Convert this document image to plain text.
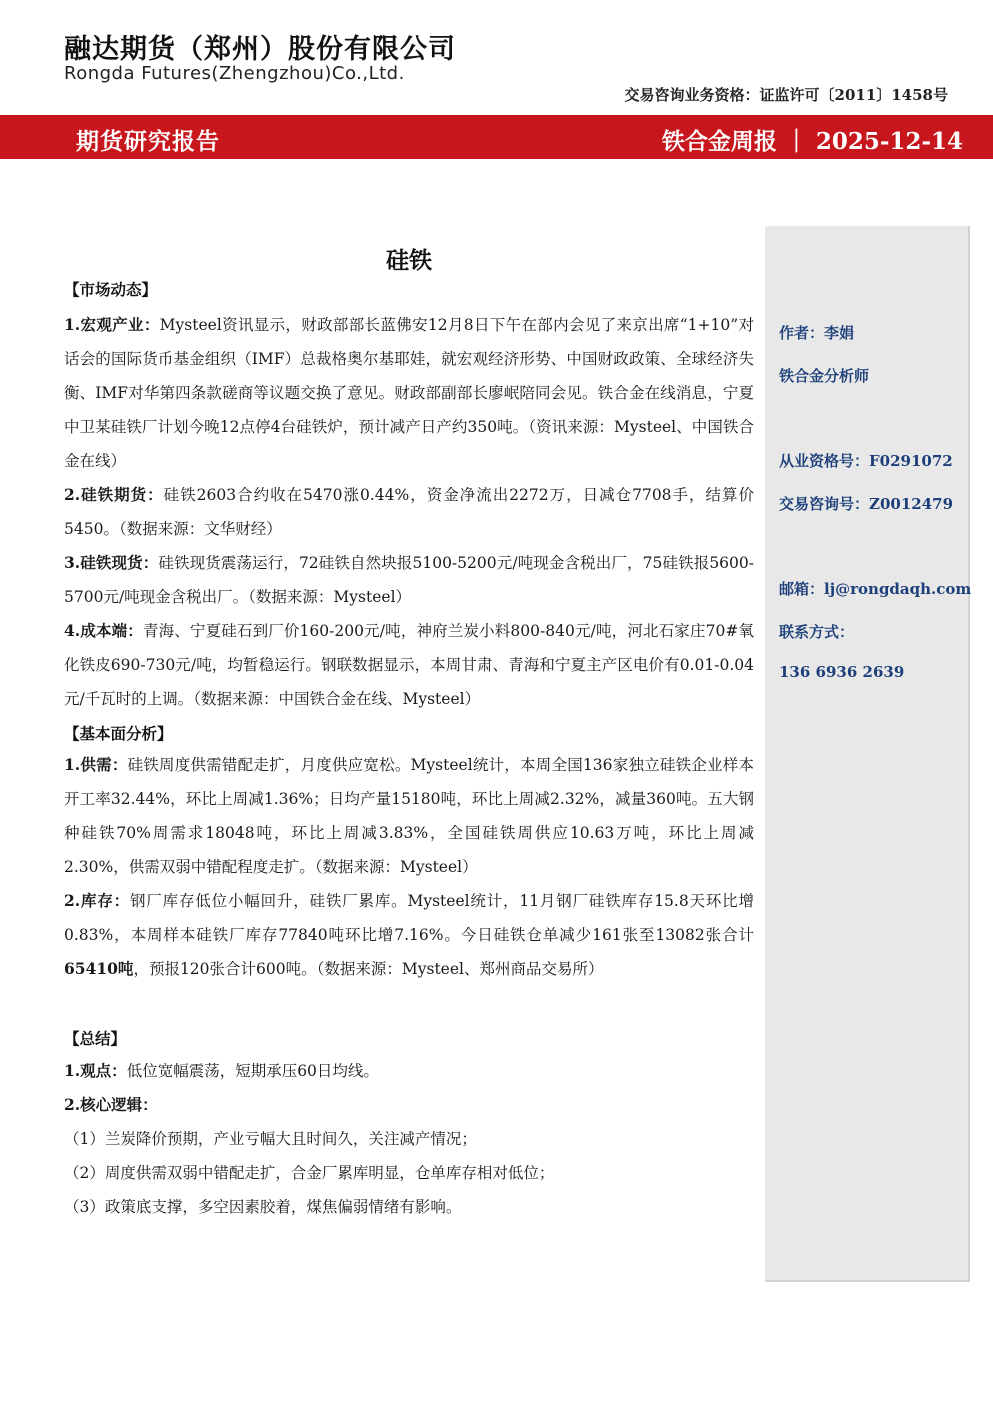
融达期货（郑州）股份有限公司
Rongda Futures(Zhengzhou)Co.,Ltd.
交易咨询业务资格：证监许可〔2011〕1458号
期货研究报告	铁合金周报 ｜ 2025-12-14
作者：李娟
铁合金分析师
从业资格号：F0291072
交易咨询号：Z0012479
邮箱：lj@rongdaqh.com
联系方式：
136 6936 2639
硅铁
【市场动态】
1.宏观产业：Mysteel资讯显示，财政部部长蓝佛安12月8日下午在部内会见了来京出席“1+10”对话会的国际货币基金组织（IMF）总裁格奥尔基耶娃，就宏观经济形势、中国财政政策、全球经济失衡、IMF对华第四条款磋商等议题交换了意见。财政部副部长廖岷陪同会见。铁合金在线消息，宁夏中卫某硅铁厂计划今晚12点停4台硅铁炉，预计减产日产约350吨。（资讯来源：Mysteel、中国铁合金在线）
2.硅铁期货：硅铁2603合约收在5470涨0.44%，资金净流出2272万，日减仓7708手，结算价5450。（数据来源：文华财经）
3.硅铁现货：硅铁现货震荡运行，72硅铁自然块报5100-5200元/吨现金含税出厂，75硅铁报5600-5700元/吨现金含税出厂。（数据来源：Mysteel）
4.成本端：青海、宁夏硅石到厂价160-200元/吨，神府兰炭小料800-840元/吨，河北石家庄70#氧化铁皮690-730元/吨，均暂稳运行。钢联数据显示，本周甘肃、青海和宁夏主产区电价有0.01-0.04元/千瓦时的上调。（数据来源：中国铁合金在线、Mysteel）
【基本面分析】
1.供需：硅铁周度供需错配走扩，月度供应宽松。Mysteel统计，本周全国136家独立硅铁企业样本开工率32.44%，环比上周减1.36%；日均产量15180吨，环比上周减2.32%，减量360吨。五大钢种硅铁70%周需求18048吨，环比上周减3.83%，全国硅铁周供应10.63万吨，环比上周减2.30%，供需双弱中错配程度走扩。（数据来源：Mysteel）
2.库存：钢厂库存低位小幅回升，硅铁厂累库。Mysteel统计，11月钢厂硅铁库存15.8天环比增0.83%，本周样本硅铁厂库存77840吨环比增7.16%。今日硅铁仓单减少161张至13082张合计65410吨，预报120张合计600吨。（数据来源：Mysteel、郑州商品交易所）
【总结】
1.观点：低位宽幅震荡，短期承压60日均线。
2.核心逻辑：
（1）兰炭降价预期，产业亏幅大且时间久，关注减产情况；
（2）周度供需双弱中错配走扩，合金厂累库明显，仓单库存相对低位；
（3）政策底支撑，多空因素胶着，煤焦偏弱情绪有影响。
